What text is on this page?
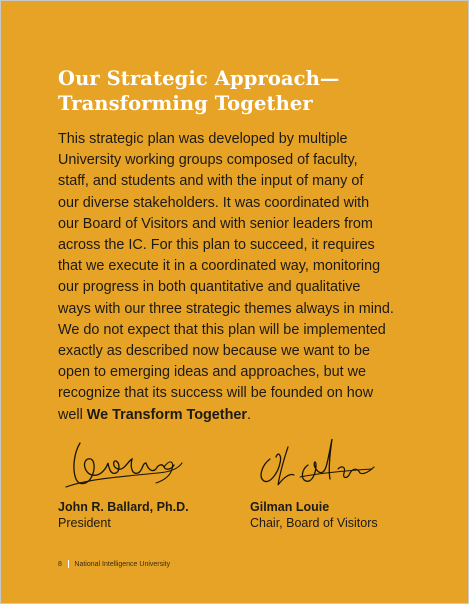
Our Strategic Approach—
Transforming Together

This strategic plan was developed by multiple
University working groups composed of faculty,
staff, and students and with the input of many of
our diverse stakeholders. It was coordinated with
our Board of Visitors and with senior leaders from
across the IC. For this plan to succeed, it requires
that we execute it in a coordinated way, monitoring
our progress in both quantitative and qualitative
ways with our three strategic themes always in mind.
We do not expect that this plan will be implemented
exactly as described now because we want to be
open to emerging ideas and approaches, but we
recognize that its success will be founded on how
well We Transform Together.

John R. Ballard, Ph.D.
President
Gilman Louie
Chair, Board of Visitors
8 National Intelligence University
